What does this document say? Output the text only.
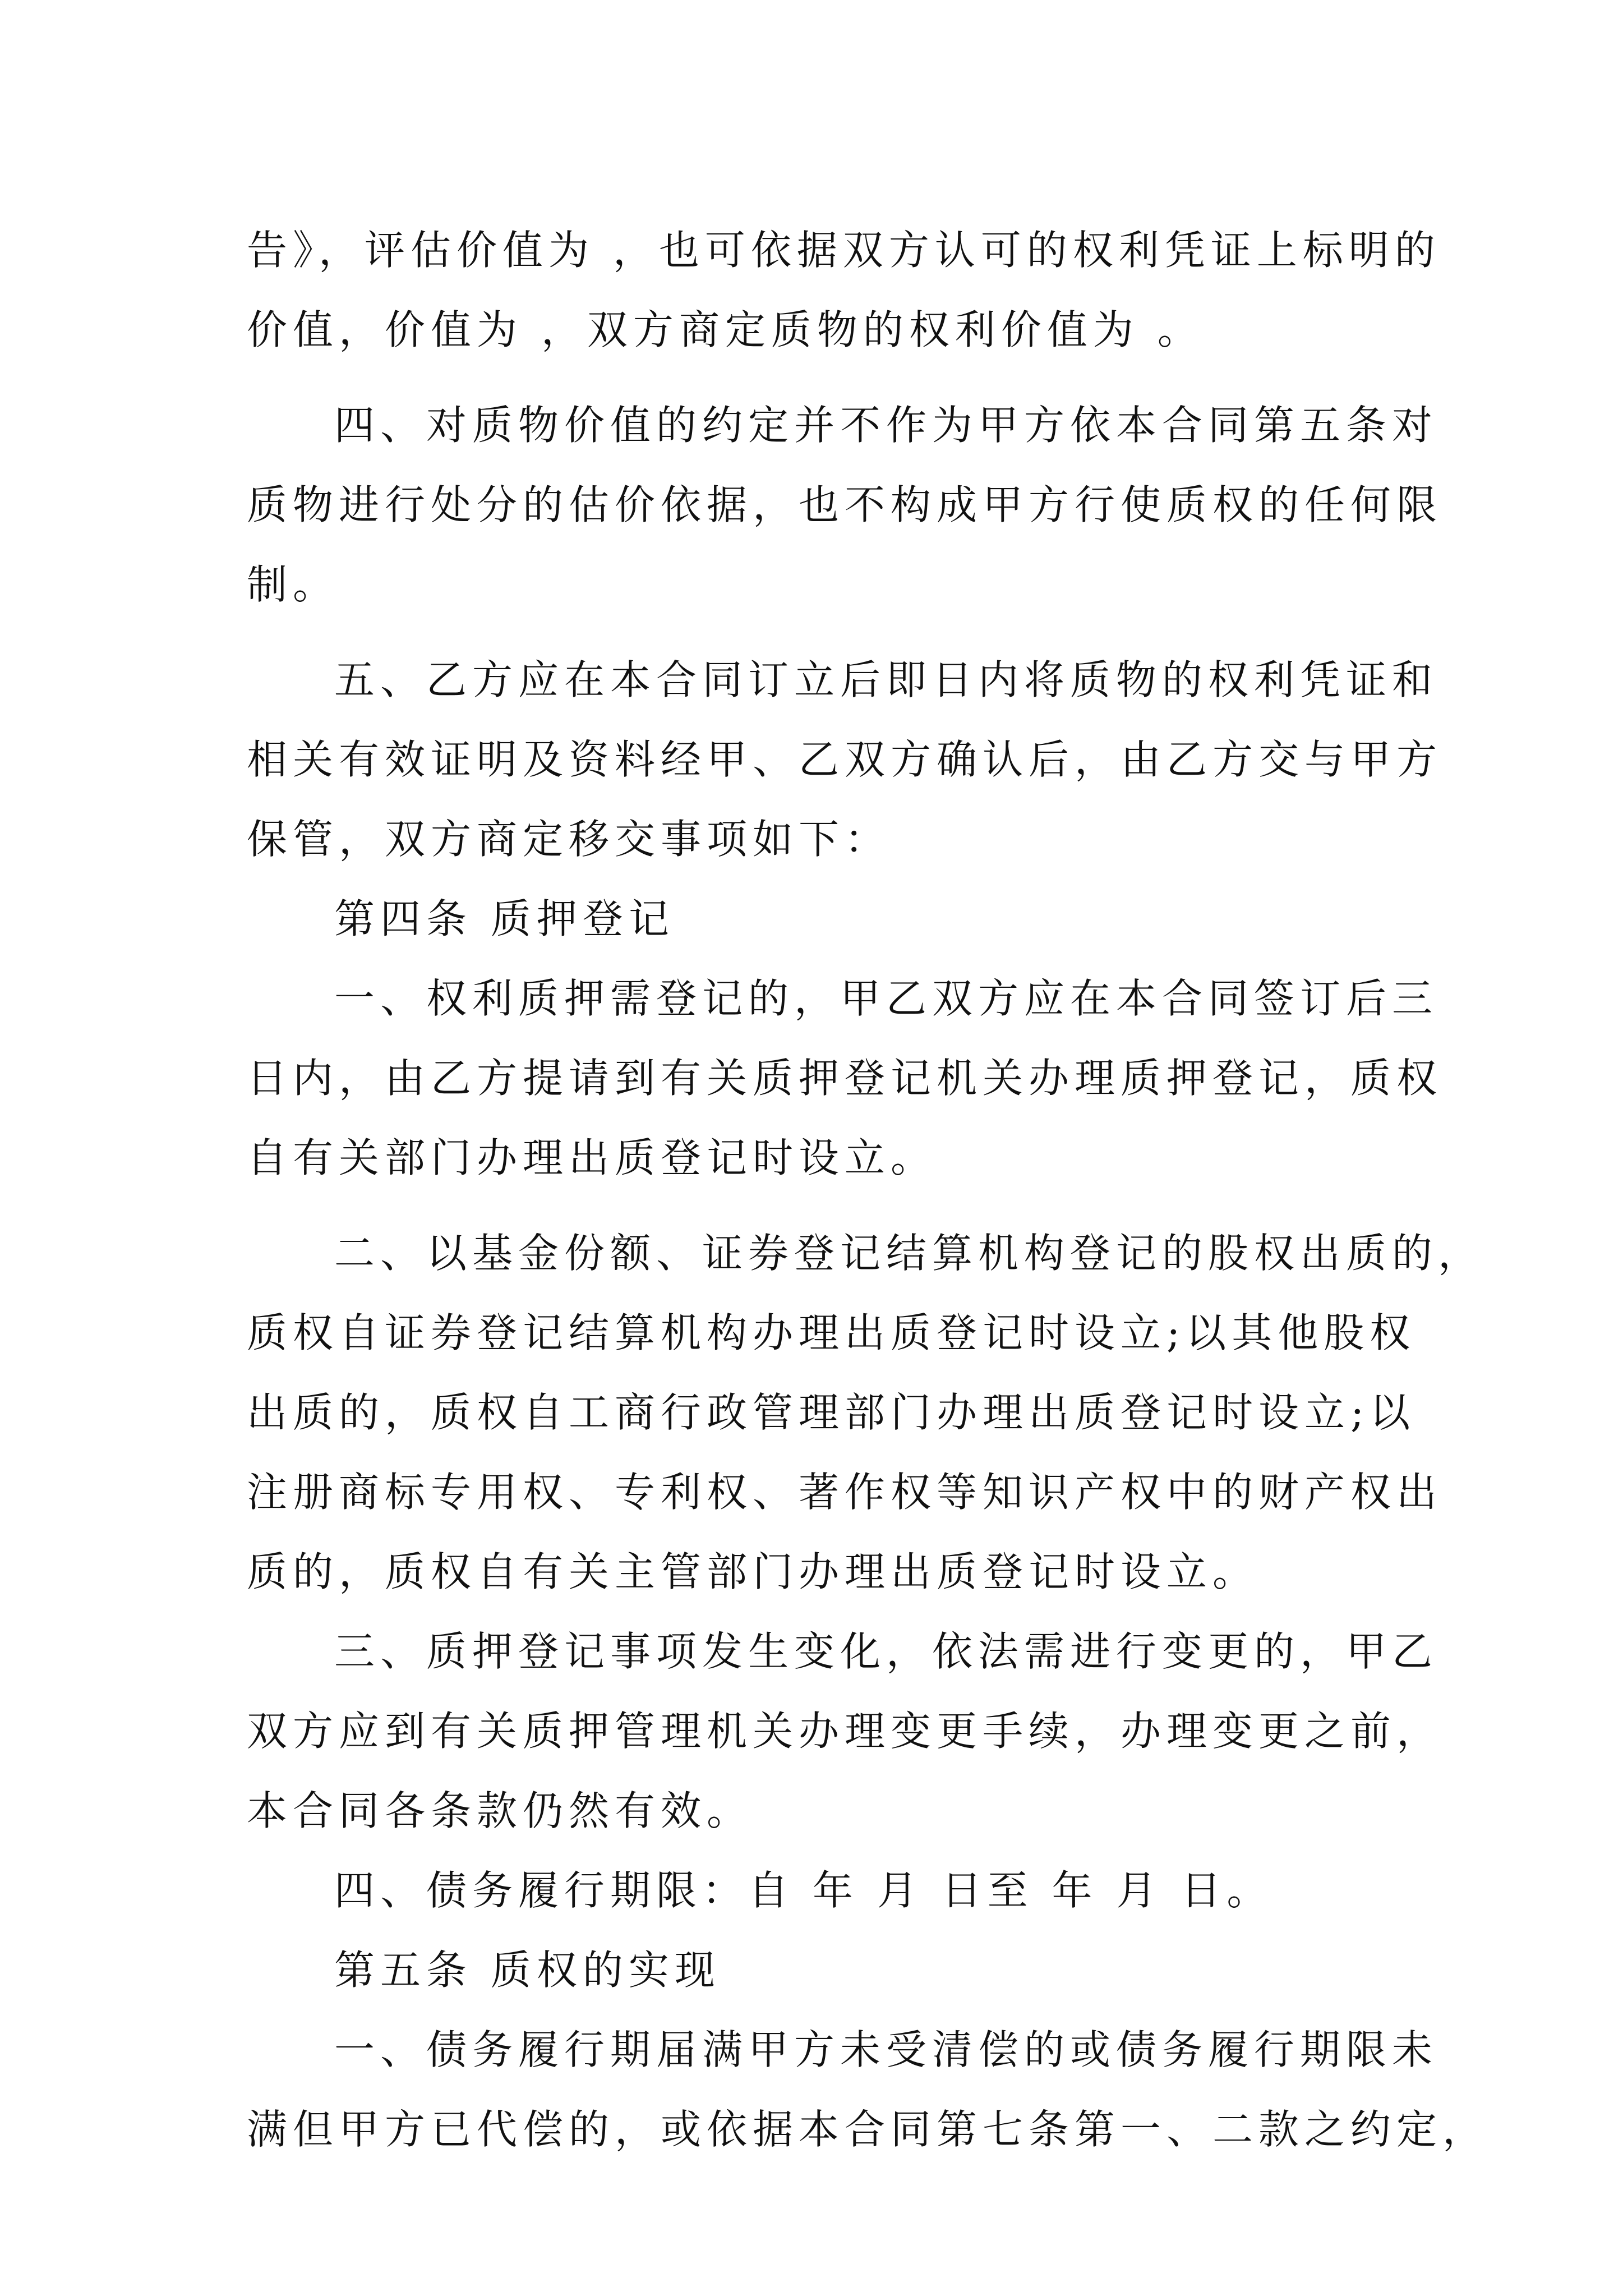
告》，评估价值为 ，也可依据双方认可的权利凭证上标明的
价值，价值为 ，双方商定质物的权利价值为 。
四、对质物价值的约定并不作为甲方依本合同第五条对
质物进行处分的估价依据，也不构成甲方行使质权的任何限
制。
五、乙方应在本合同订立后即日内将质物的权利凭证和
相关有效证明及资料经甲、乙双方确认后，由乙方交与甲方
保管，双方商定移交事项如下：
第四条 质押登记
一、权利质押需登记的，甲乙双方应在本合同签订后三
日内，由乙方提请到有关质押登记机关办理质押登记，质权
自有关部门办理出质登记时设立。
二、以基金份额、证券登记结算机构登记的股权出质的，
质权自证券登记结算机构办理出质登记时设立;以其他股权
出质的，质权自工商行政管理部门办理出质登记时设立;以
注册商标专用权、专利权、著作权等知识产权中的财产权出
质的，质权自有关主管部门办理出质登记时设立。
三、质押登记事项发生变化，依法需进行变更的，甲乙
双方应到有关质押管理机关办理变更手续，办理变更之前，
本合同各条款仍然有效。
四、债务履行期限：自 年 月 日至 年 月 日。
第五条 质权的实现
一、债务履行期届满甲方未受清偿的或债务履行期限未
满但甲方已代偿的，或依据本合同第七条第一、二款之约定，
